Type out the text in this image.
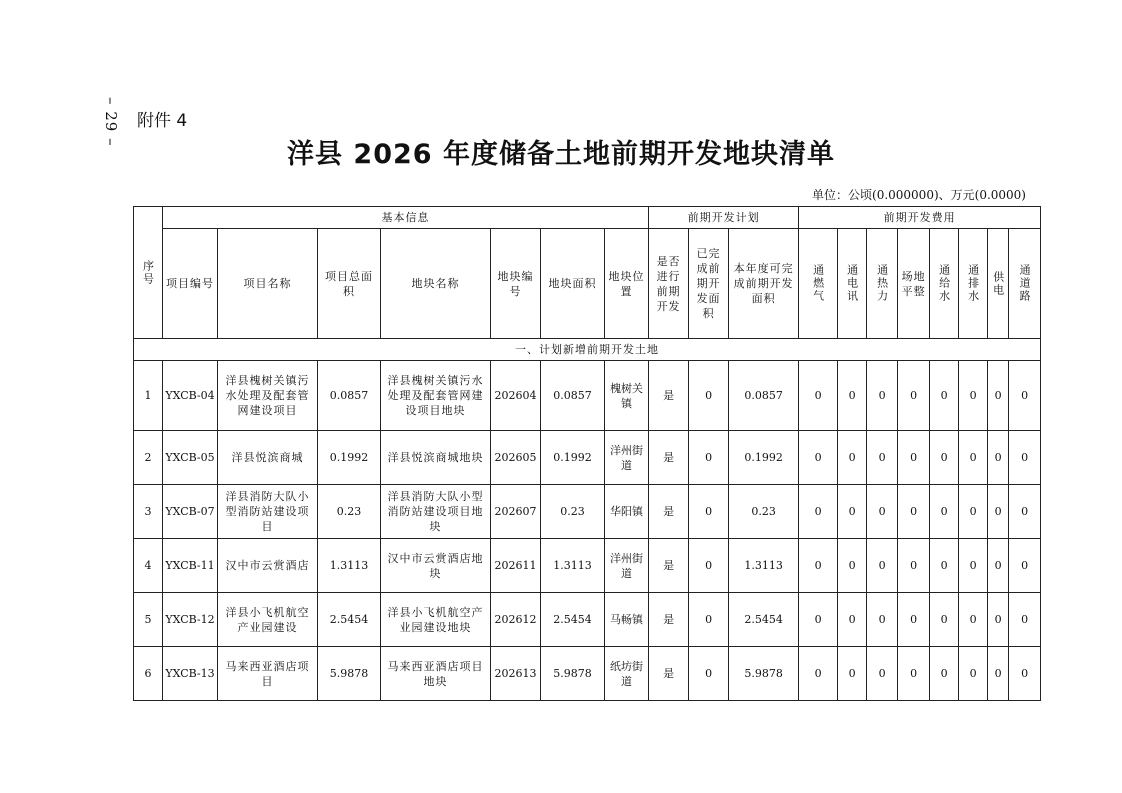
– 29 – 附件 4
洋县 2026 年度储备土地前期开发地块清单
单位：公顷(0.000000)、万元(0.0000)
序号	基本信息							前期开发计划			前期开发费用							
	项目编号	项目名称	项目总面积	地块名称	地块编号	地块面积	地块位置	是否进行前期开发	已完成前期开发面积	本年度可完成前期开发面积	通燃气	通电讯	通热力	场地平整	通给水	通排水	供电	通道路

一、计划新增前期开发土地																		
1	YXCB-04	洋县槐树关镇污水处理及配套管网建设项目	0.0857	洋县槐树关镇污水处理及配套管网建设项目地块	202604	0.0857	槐树关镇	是	0	0.0857	0	0	0	0	0	0	0	0
2	YXCB-05	洋县悦滨商城	0.1992	洋县悦滨商城地块	202605	0.1992	洋州街道	是	0	0.1992	0	0	0	0	0	0	0	0
3	YXCB-07	洋县消防大队小型消防站建设项目	0.23	洋县消防大队小型消防站建设项目地块	202607	0.23	华阳镇	是	0	0.23	0	0	0	0	0	0	0	0
4	YXCB-11	汉中市云赏酒店	1.3113	汉中市云赏酒店地块	202611	1.3113	洋州街道	是	0	1.3113	0	0	0	0	0	0	0	0
5	YXCB-12	洋县小飞机航空产业园建设	2.5454	洋县小飞机航空产业园建设地块	202612	2.5454	马畅镇	是	0	2.5454	0	0	0	0	0	0	0	0
6	YXCB-13	马来西亚酒店项目	5.9878	马来西亚酒店项目地块	202613	5.9878	纸坊街道	是	0	5.9878	0	0	0	0	0	0	0	0
